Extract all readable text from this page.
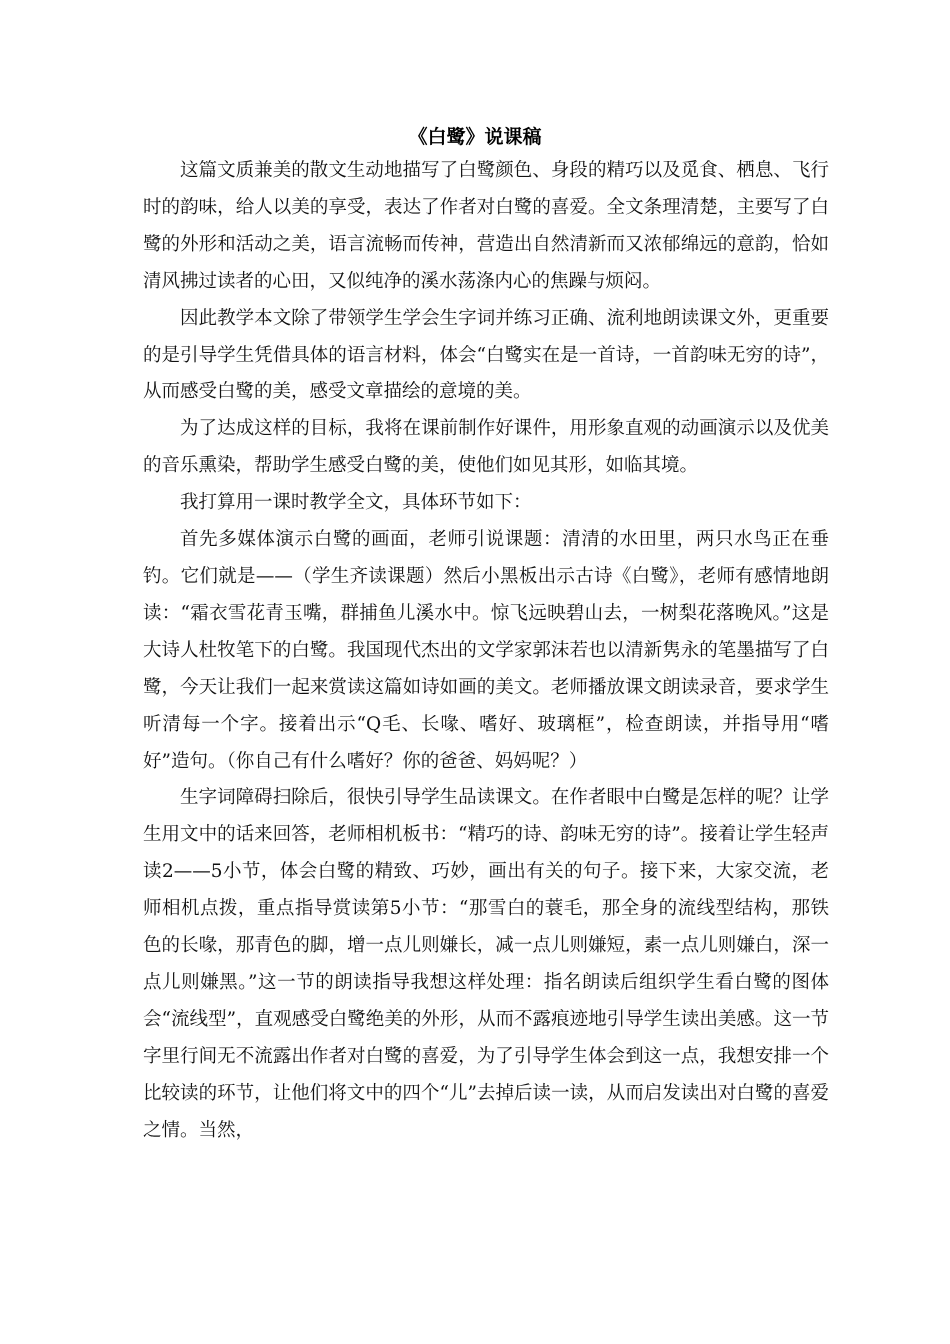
《白鹭》说课稿

这篇文质兼美的散文生动地描写了白鹭颜色、身段的精巧以及觅食、栖息、飞行时的韵味，给人以美的享受，表达了作者对白鹭的喜爱。全文条理清楚，主要写了白鹭的外形和活动之美，语言流畅而传神，营造出自然清新而又浓郁绵远的意韵，恰如清风拂过读者的心田，又似纯净的溪水荡涤内心的焦躁与烦闷。

因此教学本文除了带领学生学会生字词并练习正确、流利地朗读课文外，更重要的是引导学生凭借具体的语言材料，体会“白鹭实在是一首诗，一首韵味无穷的诗”，从而感受白鹭的美，感受文章描绘的意境的美。

为了达成这样的目标，我将在课前制作好课件，用形象直观的动画演示以及优美的音乐熏染，帮助学生感受白鹭的美，使他们如见其形，如临其境。

我打算用一课时教学全文，具体环节如下：

首先多媒体演示白鹭的画面，老师引说课题：清清的水田里，两只水鸟正在垂钓。它们就是——（学生齐读课题）然后小黑板出示古诗《白鹭》，老师有感情地朗读：“霜衣雪花青玉嘴，群捕鱼儿溪水中。惊飞远映碧山去，一树梨花落晚风。”这是大诗人杜牧笔下的白鹭。我国现代杰出的文学家郭沫若也以清新隽永的笔墨描写了白鹭，今天让我们一起来赏读这篇如诗如画的美文。老师播放课文朗读录音，要求学生听清每一个字。接着出示“Q毛、长喙、嗜好、玻璃框”，检查朗读，并指导用“嗜好”造句。（你自己有什么嗜好？你的爸爸、妈妈呢？）

生字词障碍扫除后，很快引导学生品读课文。在作者眼中白鹭是怎样的呢？让学生用文中的话来回答，老师相机板书：“精巧的诗、韵味无穷的诗”。接着让学生轻声读2——5小节，体会白鹭的精致、巧妙，画出有关的句子。接下来，大家交流，老师相机点拨，重点指导赏读第5小节：“那雪白的蓑毛，那全身的流线型结构，那铁色的长喙，那青色的脚，增一点儿则嫌长，减一点儿则嫌短，素一点儿则嫌白，深一点儿则嫌黑。”这一节的朗读指导我想这样处理：指名朗读后组织学生看白鹭的图体会“流线型”，直观感受白鹭绝美的外形，从而不露痕迹地引导学生读出美感。这一节字里行间无不流露出作者对白鹭的喜爱，为了引导学生体会到这一点，我想安排一个比较读的环节，让他们将文中的四个“儿”去掉后读一读，从而启发读出对白鹭的喜爱之情。当然，
